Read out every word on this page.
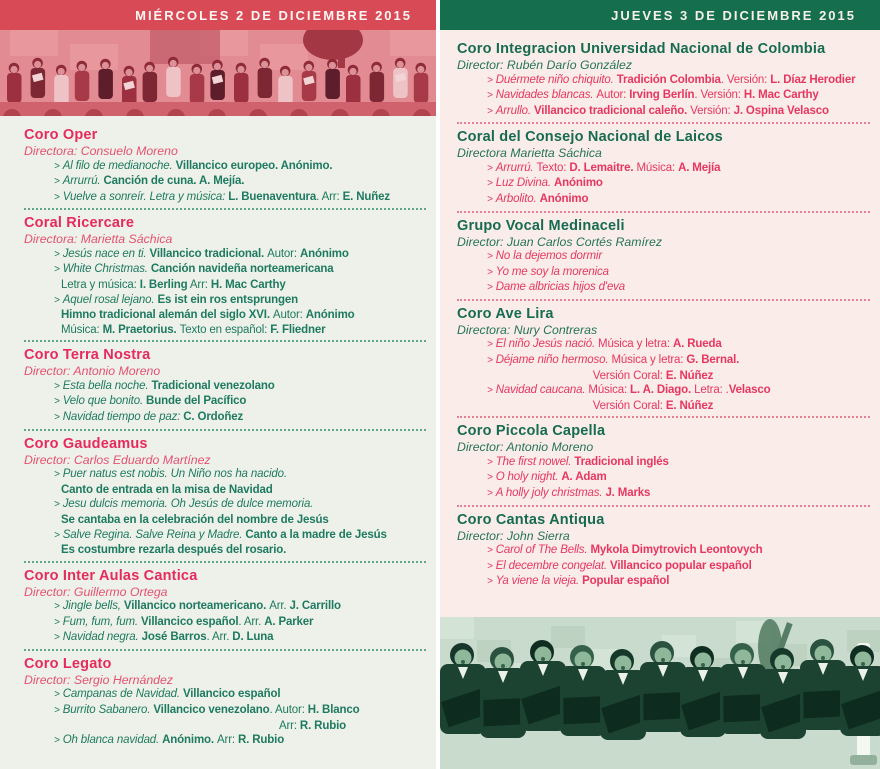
MIÉRCOLES 2 DE DICIEMBRE 2015
Coro Oper
Directora: Consuelo Moreno
> Al filo de medianoche. Villancico europeo. Anónimo.
> Arrurrú. Canción de cuna. A. Mejía.
> Vuelve a sonreír. Letra y música: L. Buenaventura. Arr: E. Nuñez
Coral Ricercare
Directora: Marietta Sáchica
> Jesús nace en ti. Villancico tradicional. Autor: Anónimo
> White Christmas. Canción navideña norteamericana
Letra y música: I. Berling Arr: H. Mac Carthy
> Aquel rosal lejano. Es ist ein ros entsprungen
Himno tradicional alemán del siglo XVI. Autor: Anónimo
Música: M. Praetorius. Texto en español: F. Fliedner
Coro Terra Nostra
Director: Antonio Moreno
> Esta bella noche. Tradicional venezolano
> Velo que bonito. Bunde del Pacífico
> Navidad tiempo de paz: C. Ordoñez
Coro Gaudeamus
Director: Carlos Eduardo Martínez
> Puer natus est nobis. Un Niño nos ha nacido.
Canto de entrada en la misa de Navidad
> Jesu dulcis memoria. Oh Jesús de dulce memoria.
Se cantaba en la celebración del nombre de Jesús
> Salve Regina. Salve Reina y Madre. Canto a la madre de Jesús
Es costumbre rezarla después del rosario.
Coro Inter Aulas Cantica
Director: Guillermo Ortega
> Jingle bells, Villancico norteamericano. Arr. J. Carrillo
> Fum, fum, fum. Villancico español. Arr. A. Parker
> Navidad negra. José Barros. Arr. D. Luna
Coro Legato
Director: Sergio Hernández
> Campanas de Navidad. Villancico español
> Burrito Sabanero. Villancico venezolano. Autor: H. Blanco
Arr: R. Rubio
> Oh blanca navidad. Anónimo. Arr: R. Rubio
JUEVES 3 DE DICIEMBRE 2015
Coro Integracion Universidad Nacional de Colombia
Director: Rubén Darío González
> Duérmete niño chiquito. Tradición Colombia. Versión: L. Díaz Herodier
> Navidades blancas. Autor: Irving Berlín. Versión: H. Mac Carthy
> Arrullo. Villancico tradicional caleño. Versión: J. Ospina Velasco
Coral del Consejo Nacional de Laicos
Directora Marietta Sáchica
> Arrurrú. Texto: D. Lemaitre. Música: A. Mejía
> Luz Divina. Anónimo
> Arbolito. Anónimo
Grupo Vocal Medinaceli
Director: Juan Carlos Cortés Ramírez
> No la dejemos dormir
> Yo me soy la morenica
> Dame albricias hijos d'eva
Coro Ave Lira
Directora: Nury Contreras
> El niño Jesús nació. Música y letra: A. Rueda
> Déjame niño hermoso. Música y letra: G. Bernal.
Versión Coral: E. Núñez
> Navidad caucana. Música: L. A. Diago. Letra: .Velasco
Versión Coral: E. Núñez
Coro Piccola Capella
Director: Antonio Moreno
> The first nowel. Tradicional inglés
> O holy night. A. Adam
> A holly joly christmas. J. Marks
Coro Cantas Antiqua
Director: John Sierra
> Carol of The Bells. Mykola Dimytrovich Leontovych
> El decembre congelat. Villancico popular español
> Ya viene la vieja. Popular español
